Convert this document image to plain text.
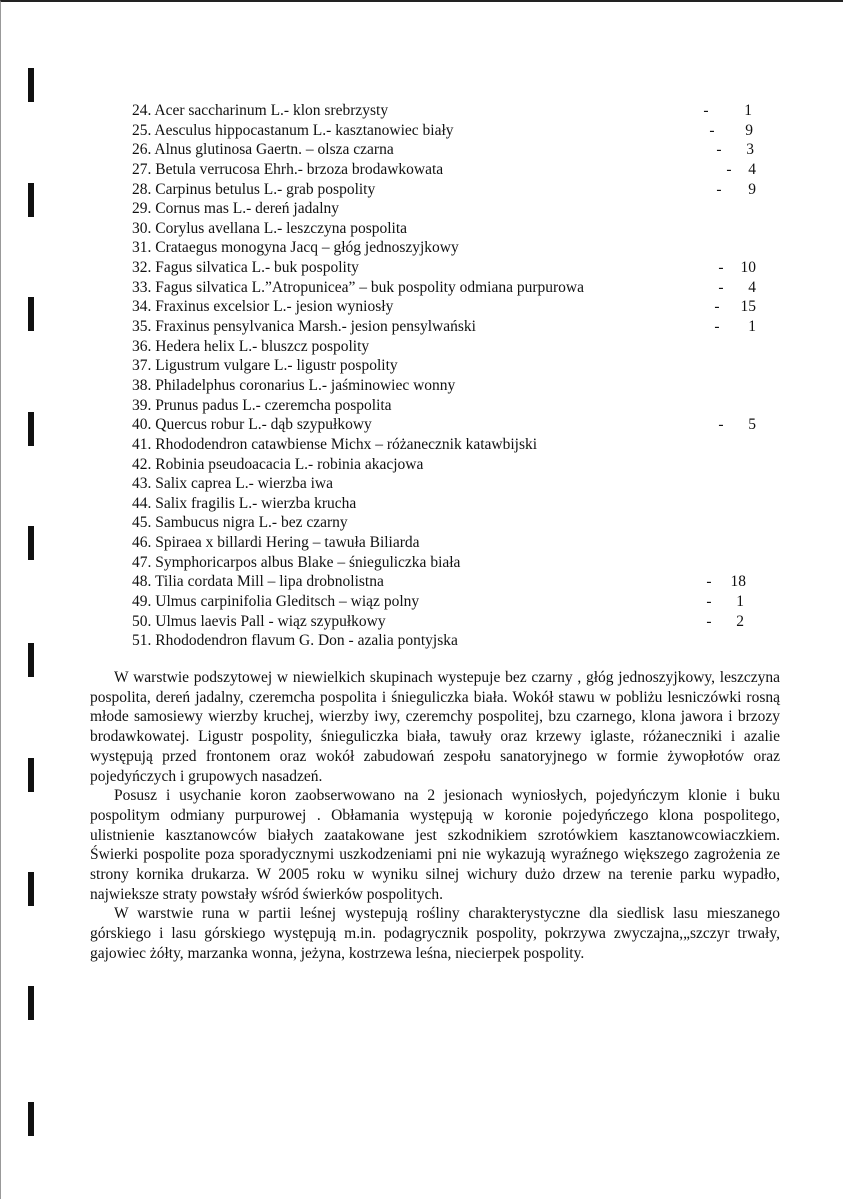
24. Acer saccharinum L.- klon srebrzysty	-	1
25. Aesculus hippocastanum L.- kasztanowiec biały	-	9
26. Alnus glutinosa Gaertn. – olsza czarna	-	3
27. Betula verrucosa Ehrh.- brzoza brodawkowata	-	4
28. Carpinus betulus L.- grab pospolity	-	9
29. Cornus mas L.- dereń jadalny
30. Corylus avellana L.- leszczyna pospolita
31. Crataegus monogyna Jacq – głóg jednoszyjkowy
32. Fagus silvatica L.- buk pospolity	-	10
33. Fagus silvatica L.”Atropunicea” – buk pospolity odmiana purpurowa	-	4
34. Fraxinus excelsior L.- jesion wyniosły	-	15
35. Fraxinus pensylvanica Marsh.- jesion pensylwański	-	1
36. Hedera helix L.- bluszcz pospolity
37. Ligustrum vulgare L.- ligustr pospolity
38. Philadelphus coronarius L.- jaśminowiec wonny
39. Prunus padus L.- czeremcha pospolita
40. Quercus robur L.- dąb szypułkowy	-	5
41. Rhododendron catawbiense Michx – różanecznik katawbijski
42. Robinia pseudoacacia L.- robinia akacjowa
43. Salix caprea L.- wierzba iwa
44. Salix fragilis L.- wierzba krucha
45. Sambucus nigra L.- bez czarny
46. Spiraea x billardi Hering – tawuła Biliarda
47. Symphoricarpos albus Blake – śnieguliczka biała
48. Tilia cordata Mill – lipa drobnolistna	-	18
49. Ulmus carpinifolia Gleditsch – wiąz polny	-	1
50. Ulmus laevis Pall - wiąz szypułkowy	-	2
51. Rhododendron flavum G. Don - azalia pontyjska

W warstwie podszytowej w niewielkich skupinach wystepuje bez czarny , głóg jednoszyjkowy, leszczyna pospolita, dereń jadalny, czeremcha pospolita i śnieguliczka biała. Wokół stawu w pobliżu lesniczówki rosną młode samosiewy wierzby kruchej, wierzby iwy, czeremchy pospolitej, bzu czarnego, klona jawora i brzozy brodawkowatej. Ligustr pospolity, śnieguliczka biała, tawuły oraz krzewy iglaste, różaneczniki i azalie występują przed frontonem oraz wokół zabudowań zespołu sanatoryjnego w formie żywopłotów oraz pojedyńczych i grupowych nasadzeń.

Posusz i usychanie koron zaobserwowano na 2 jesionach wyniosłych, pojedyńczym klonie i buku pospolitym odmiany purpurowej . Obłamania występują w koronie pojedyńczego klona pospolitego, ulistnienie kasztanowców białych zaatakowane jest szkodnikiem szrotówkiem kasztanowcowiaczkiem. Świerki pospolite poza sporadycznymi uszkodzeniami pni nie wykazują wyraźnego większego zagrożenia ze strony kornika drukarza. W 2005 roku w wyniku silnej wichury dużo drzew na terenie parku wypadło, najwieksze straty powstały wśród świerków pospolitych.

W warstwie runa w partii leśnej wystepują rośliny charakterystyczne dla siedlisk lasu mieszanego górskiego i lasu górskiego występują m.in. podagrycznik pospolity, pokrzywa zwyczajna,„szczyr trwały, gajowiec żółty, marzanka wonna, jeżyna, kostrzewa leśna, niecierpek pospolity.
